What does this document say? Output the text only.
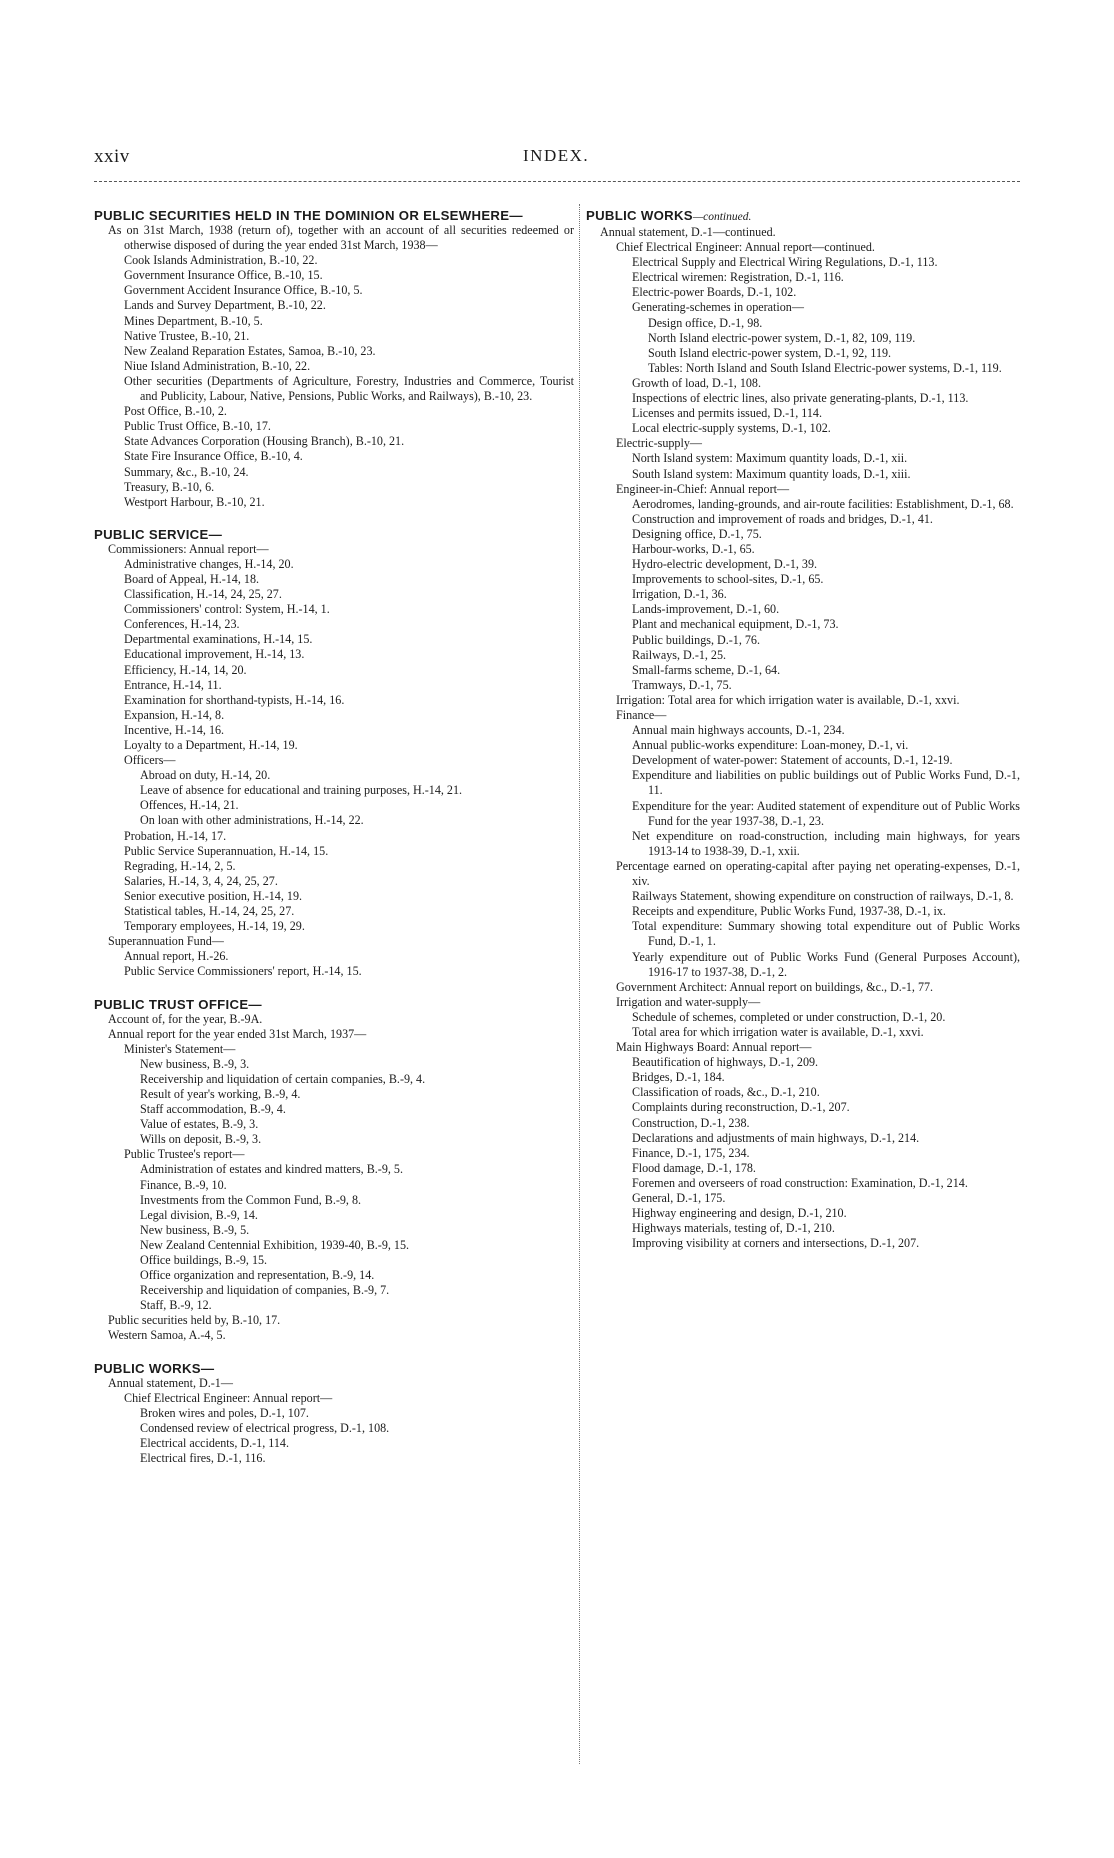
xxiv	INDEX.
PUBLIC SECURITIES HELD IN THE DOMINION OR ELSEWHERE—
As on 31st March, 1938 (return of), together with an account of all securities redeemed or otherwise disposed of during the year ended 31st March, 1938—
Cook Islands Administration, B.-10, 22.
Government Insurance Office, B.-10, 15.
Government Accident Insurance Office, B.-10, 5.
Lands and Survey Department, B.-10, 22.
Mines Department, B.-10, 5.
Native Trustee, B.-10, 21.
New Zealand Reparation Estates, Samoa, B.-10, 23.
Niue Island Administration, B.-10, 22.
Other securities (Departments of Agriculture, Forestry, Industries and Commerce, Tourist and Publicity, Labour, Native, Pensions, Public Works, and Railways), B.-10, 23.
Post Office, B.-10, 2.
Public Trust Office, B.-10, 17.
State Advances Corporation (Housing Branch), B.-10, 21.
State Fire Insurance Office, B.-10, 4.
Summary, &c., B.-10, 24.
Treasury, B.-10, 6.
Westport Harbour, B.-10, 21.
PUBLIC SERVICE—
Commissioners: Annual report—
Administrative changes, H.-14, 20.
Board of Appeal, H.-14, 18.
Classification, H.-14, 24, 25, 27.
Commissioners' control: System, H.-14, 1.
Conferences, H.-14, 23.
Departmental examinations, H.-14, 15.
Educational improvement, H.-14, 13.
Efficiency, H.-14, 14, 20.
Entrance, H.-14, 11.
Examination for shorthand-typists, H.-14, 16.
Expansion, H.-14, 8.
Incentive, H.-14, 16.
Loyalty to a Department, H.-14, 19.
Officers—
Abroad on duty, H.-14, 20.
Leave of absence for educational and training purposes, H.-14, 21.
Offences, H.-14, 21.
On loan with other administrations, H.-14, 22.
Probation, H.-14, 17.
Public Service Superannuation, H.-14, 15.
Regrading, H.-14, 2, 5.
Salaries, H.-14, 3, 4, 24, 25, 27.
Senior executive position, H.-14, 19.
Statistical tables, H.-14, 24, 25, 27.
Temporary employees, H.-14, 19, 29.
Superannuation Fund—
Annual report, H.-26.
Public Service Commissioners' report, H.-14, 15.
PUBLIC TRUST OFFICE—
Account of, for the year, B.-9A.
Annual report for the year ended 31st March, 1937—
Minister's Statement—
New business, B.-9, 3.
Receivership and liquidation of certain companies, B.-9, 4.
Result of year's working, B.-9, 4.
Staff accommodation, B.-9, 4.
Value of estates, B.-9, 3.
Wills on deposit, B.-9, 3.
Public Trustee's report—
Administration of estates and kindred matters, B.-9, 5.
Finance, B.-9, 10.
Investments from the Common Fund, B.-9, 8.
Legal division, B.-9, 14.
New business, B.-9, 5.
New Zealand Centennial Exhibition, 1939-40, B.-9, 15.
Office buildings, B.-9, 15.
Office organization and representation, B.-9, 14.
Receivership and liquidation of companies, B.-9, 7.
Staff, B.-9, 12.
Public securities held by, B.-10, 17.
Western Samoa, A.-4, 5.
PUBLIC WORKS—
Annual statement, D.-1—
Chief Electrical Engineer: Annual report—
Broken wires and poles, D.-1, 107.
Condensed review of electrical progress, D.-1, 108.
Electrical accidents, D.-1, 114.
Electrical fires, D.-1, 116.
PUBLIC WORKS—continued.
Annual statement, D.-1—continued.
Chief Electrical Engineer: Annual report—continued.
Electrical Supply and Electrical Wiring Regulations, D.-1, 113.
Electrical wiremen: Registration, D.-1, 116.
Electric-power Boards, D.-1, 102.
Generating-schemes in operation—
Design office, D.-1, 98.
North Island electric-power system, D.-1, 82, 109, 119.
South Island electric-power system, D.-1, 92, 119.
Tables: North Island and South Island Electric-power systems, D.-1, 119.
Growth of load, D.-1, 108.
Inspections of electric lines, also private generating-plants, D.-1, 113.
Licenses and permits issued, D.-1, 114.
Local electric-supply systems, D.-1, 102.
Electric-supply—
North Island system: Maximum quantity loads, D.-1, xii.
South Island system: Maximum quantity loads, D.-1, xiii.
Engineer-in-Chief: Annual report—
Aerodromes, landing-grounds, and air-route facilities: Establishment, D.-1, 68.
Construction and improvement of roads and bridges, D.-1, 41.
Designing office, D.-1, 75.
Harbour-works, D.-1, 65.
Hydro-electric development, D.-1, 39.
Improvements to school-sites, D.-1, 65.
Irrigation, D.-1, 36.
Lands-improvement, D.-1, 60.
Plant and mechanical equipment, D.-1, 73.
Public buildings, D.-1, 76.
Railways, D.-1, 25.
Small-farms scheme, D.-1, 64.
Tramways, D.-1, 75.
Irrigation: Total area for which irrigation water is available, D.-1, xxvi.
Finance—
Annual main highways accounts, D.-1, 234.
Annual public-works expenditure: Loan-money, D.-1, vi.
Development of water-power: Statement of accounts, D.-1, 12-19.
Expenditure and liabilities on public buildings out of Public Works Fund, D.-1, 11.
Expenditure for the year: Audited statement of expenditure out of Public Works Fund for the year 1937-38, D.-1, 23.
Net expenditure on road-construction, including main highways, for years 1913-14 to 1938-39, D.-1, xxii.
Percentage earned on operating-capital after paying net operating-expenses, D.-1, xiv.
Railways Statement, showing expenditure on construction of railways, D.-1, 8.
Receipts and expenditure, Public Works Fund, 1937-38, D.-1, ix.
Total expenditure: Summary showing total expenditure out of Public Works Fund, D.-1, 1.
Yearly expenditure out of Public Works Fund (General Purposes Account), 1916-17 to 1937-38, D.-1, 2.
Government Architect: Annual report on buildings, &c., D.-1, 77.
Irrigation and water-supply—
Schedule of schemes, completed or under construction, D.-1, 20.
Total area for which irrigation water is available, D.-1, xxvi.
Main Highways Board: Annual report—
Beautification of highways, D.-1, 209.
Bridges, D.-1, 184.
Classification of roads, &c., D.-1, 210.
Complaints during reconstruction, D.-1, 207.
Construction, D.-1, 238.
Declarations and adjustments of main highways, D.-1, 214.
Finance, D.-1, 175, 234.
Flood damage, D.-1, 178.
Foremen and overseers of road construction: Examination, D.-1, 214.
General, D.-1, 175.
Highway engineering and design, D.-1, 210.
Highways materials, testing of, D.-1, 210.
Improving visibility at corners and intersections, D.-1, 207.
